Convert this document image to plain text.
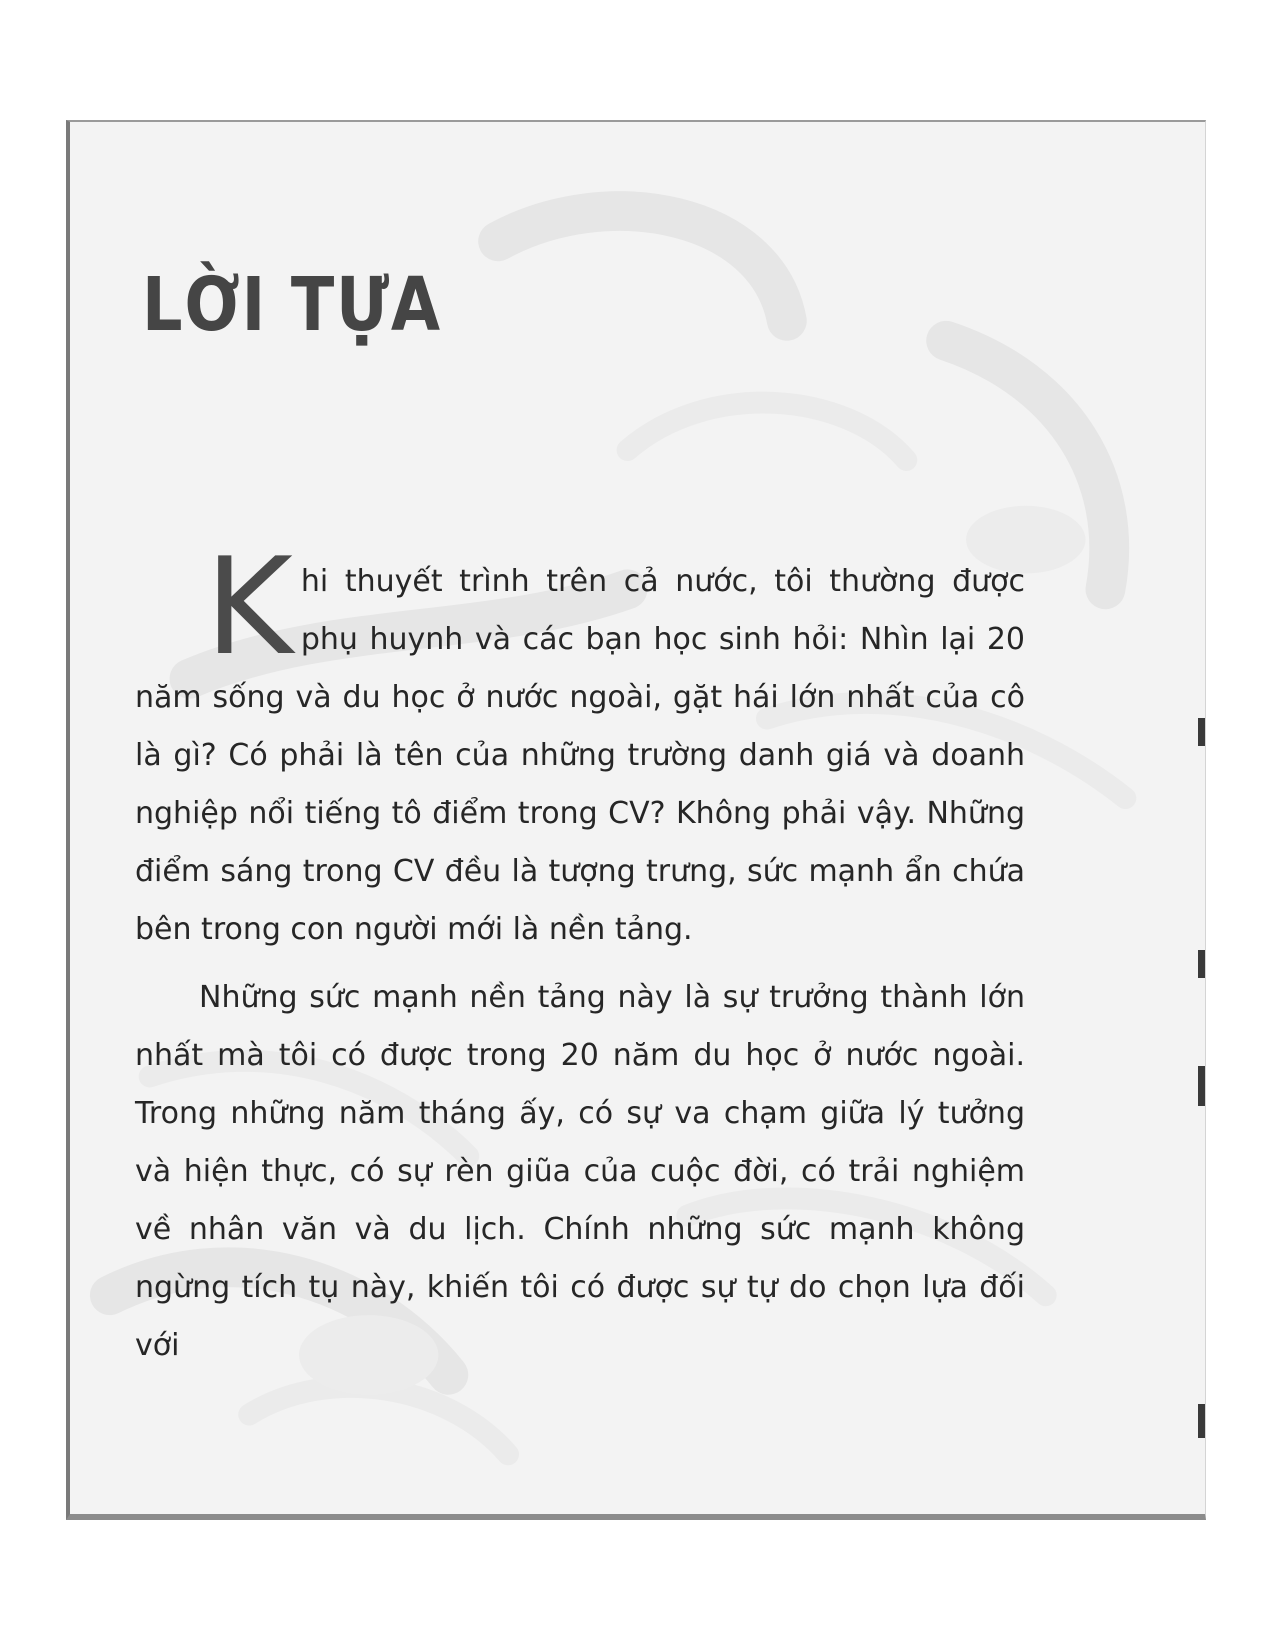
LỜI TỰA

Khi thuyết trình trên cả nước, tôi thường được phụ huynh và các bạn học sinh hỏi: Nhìn lại 20 năm sống và du học ở nước ngoài, gặt hái lớn nhất của cô là gì? Có phải là tên của những trường danh giá và doanh nghiệp nổi tiếng tô điểm trong CV? Không phải vậy. Những điểm sáng trong CV đều là tượng trưng, sức mạnh ẩn chứa bên trong con người mới là nền tảng.

Những sức mạnh nền tảng này là sự trưởng thành lớn nhất mà tôi có được trong 20 năm du học ở nước ngoài. Trong những năm tháng ấy, có sự va chạm giữa lý tưởng và hiện thực, có sự rèn giũa của cuộc đời, có trải nghiệm về nhân văn và du lịch. Chính những sức mạnh không ngừng tích tụ này, khiến tôi có được sự tự do chọn lựa đối với
